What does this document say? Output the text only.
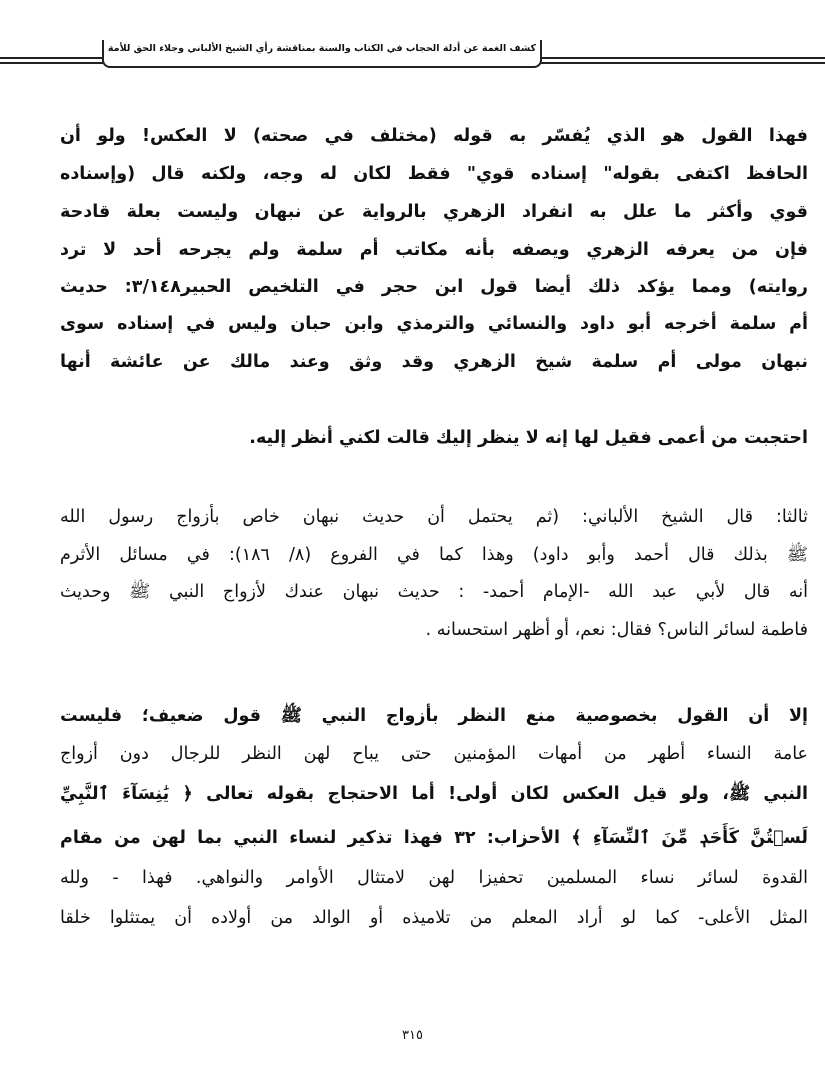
كشف الغمة عن أدلة الحجاب في الكتاب والسنة بمناقشة رأي الشيخ الألباني وجلاء الحق للأمة
فهذا القول هو الذي يُفسّر به قوله (مختلف في صحته) لا العكس! ولو أن
الحافظ اكتفى بقوله" إسناده قوي" فقط لكان له وجه، ولكنه قال (وإسناده
قوي وأكثر ما علل به انفراد الزهري بالرواية عن نبهان وليست بعلة قادحة
فإن من يعرفه الزهري ويصفه بأنه مكاتب أم سلمة ولم يجرحه أحد لا ترد
روايته) ومما يؤكد ذلك أيضا قول ابن حجر في التلخيص الحبير٣/١٤٨: حديث
أم سلمة أخرجه أبو داود والنسائي والترمذي وابن حبان وليس في إسناده سوى
نبهان مولى أم سلمة شيخ الزهري وقد وثق وعند مالك عن عائشة أنها
احتجبت من أعمى فقيل لها إنه لا ينظر إليك قالت لكني أنظر إليه.
ثالثا: قال الشيخ الألباني: (ثم يحتمل أن حديث نبهان خاص بأزواج رسول الله
ﷺ بذلك قال أحمد وأبو داود) وهذا كما في الفروع (٨/ ١٨٦): في مسائل الأثرم
أنه قال لأبي عبد الله -الإمام أحمد- : حديث نبهان عندك لأزواج النبي ﷺ وحديث
فاطمة لسائر الناس؟ فقال: نعم، أو أظهر استحسانه .
إلا أن القول بخصوصية منع النظر بأزواج النبي ﷺ قول ضعيف؛ فليست
عامة النساء أطهر من أمهات المؤمنين حتى يباح لهن النظر للرجال دون أزواج
النبي ﷺ، ولو قيل العكس لكان أولى! أما الاحتجاج بقوله تعالى ﴿ يَٰنِسَآءَ ٱلنَّبِيِّ
لَسۡتُنَّ كَأَحَدٖ مِّنَ ٱلنِّسَآءِ ﴾ الأحزاب: ٣٢ فهذا تذكير لنساء النبي بما لهن من مقام
القدوة لسائر نساء المسلمين تحفيزا لهن لامتثال الأوامر والنواهي. فهذا - ولله
المثل الأعلى- كما لو أراد المعلم من تلاميذه أو الوالد من أولاده أن يمتثلوا خلقا
٣١٥
